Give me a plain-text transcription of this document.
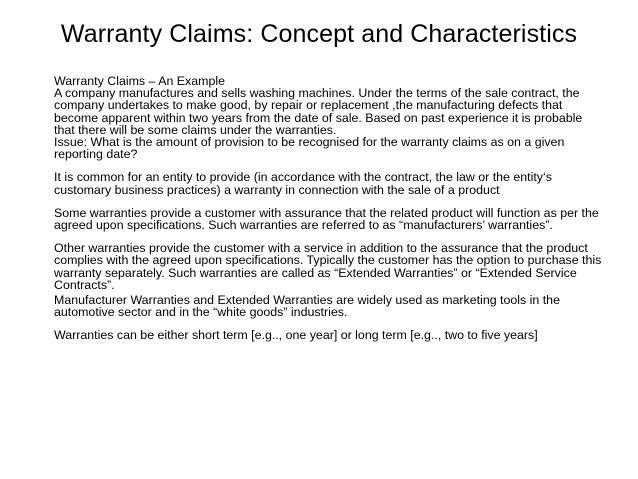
Warranty Claims: Concept and Characteristics

Warranty Claims – An Example

A company manufactures and sells washing machines. Under the terms of the sale contract, the company undertakes to make good, by repair or replacement ,the manufacturing defects that become apparent within two years from the date of sale. Based on past experience it is probable that there will be some claims under the warranties.

Issue: What is the amount of provision to be recognised for the warranty claims as on a given reporting date?

It is common for an entity to provide (in accordance with the contract, the law or the entity‘s customary business practices) a warranty in connection with the sale of a product

Some warranties provide a customer with assurance that the related product will function as per the agreed upon specifications. Such warranties are referred to as “manufacturers’ warranties”.

Other warranties provide the customer with a service in addition to the assurance that the product complies with the agreed upon specifications. Typically the customer has the option to purchase this warranty separately. Such warranties are called as “Extended Warranties” or “Extended Service Contracts”.

Manufacturer Warranties and Extended Warranties are widely used as marketing tools in the automotive sector and in the “white goods” industries.

Warranties can be either short term [e.g.., one year] or long term [e.g.., two to five years]
